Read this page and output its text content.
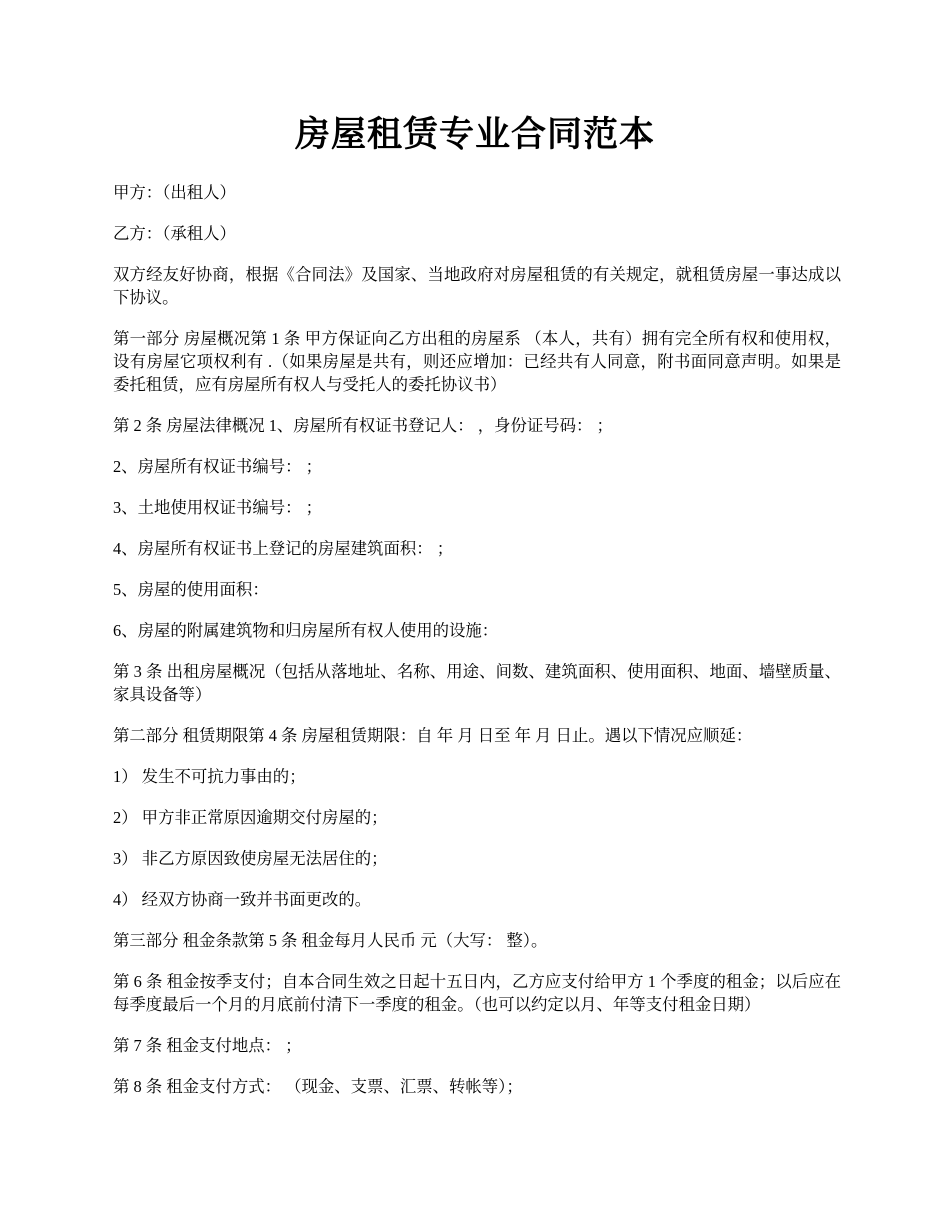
房屋租赁专业合同范本

甲方：（出租人）

乙方：（承租人）

双方经友好协商，根据《合同法》及国家、当地政府对房屋租赁的有关规定，就租赁房屋一事达成以下协议。

第一部分 房屋概况第 1 条 甲方保证向乙方出租的房屋系 （本人，共有）拥有完全所有权和使用权，设有房屋它项权利有 .（如果房屋是共有，则还应增加：已经共有人同意，附书面同意声明。如果是委托租赁，应有房屋所有权人与受托人的委托协议书）

第 2 条 房屋法律概况 1、房屋所有权证书登记人： ，身份证号码： ；

2、房屋所有权证书编号： ；

3、土地使用权证书编号： ；

4、房屋所有权证书上登记的房屋建筑面积： ；

5、房屋的使用面积：

6、房屋的附属建筑物和归房屋所有权人使用的设施：

第 3 条 出租房屋概况（包括从落地址、名称、用途、间数、建筑面积、使用面积、地面、墙壁质量、家具设备等）

第二部分 租赁期限第 4 条 房屋租赁期限：自 年 月 日至 年 月 日止。遇以下情况应顺延：

1） 发生不可抗力事由的；

2） 甲方非正常原因逾期交付房屋的；

3） 非乙方原因致使房屋无法居住的；

4） 经双方协商一致并书面更改的。

第三部分 租金条款第 5 条 租金每月人民币 元（大写： 整）。

第 6 条 租金按季支付；自本合同生效之日起十五日内，乙方应支付给甲方 1 个季度的租金；以后应在每季度最后一个月的月底前付清下一季度的租金。（也可以约定以月、年等支付租金日期）

第 7 条 租金支付地点： ；

第 8 条 租金支付方式： （现金、支票、汇票、转帐等）；
